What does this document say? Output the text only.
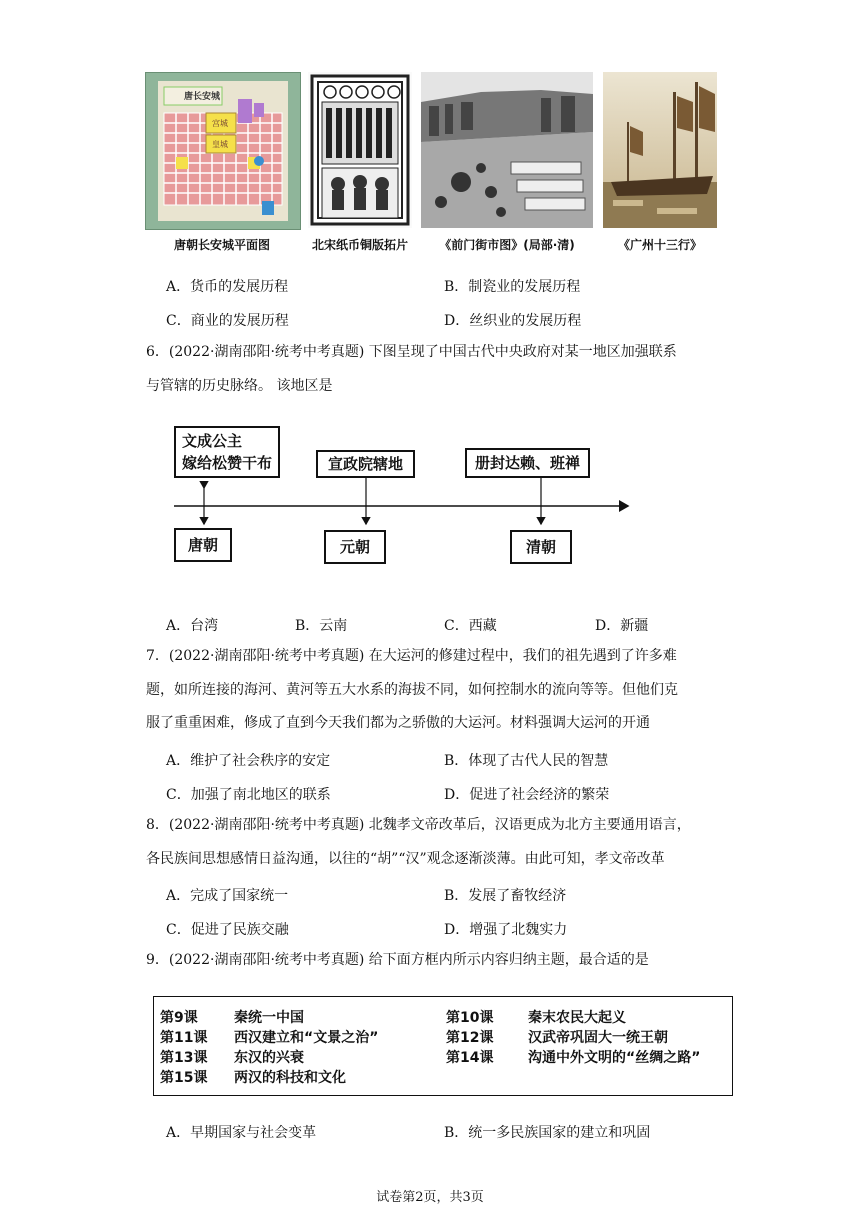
唐长安城
宫城
皇城
唐朝长安城平面图	北宋纸币铜版拓片	《前门街市图》(局部·清)	《广州十三行》
A．货币的发展历程	B．制瓷业的发展历程
C．商业的发展历程	D．丝织业的发展历程
6．(2022·湖南邵阳·统考中考真题) 下图呈现了中国古代中央政府对某一地区加强联系
与管辖的历史脉络。 该地区是
文成公主
嫁给松赞干布	宣政院辖地	册封达赖、班禅
唐朝	元朝	清朝
A．台湾	B．云南	C．西藏	D．新疆
7．(2022·湖南邵阳·统考中考真题) 在大运河的修建过程中，我们的祖先遇到了许多难
题，如所连接的海河、黄河等五大水系的海拔不同，如何控制水的流向等等。但他们克
服了重重困难，修成了直到今天我们都为之骄傲的大运河。材料强调大运河的开通
A．维护了社会秩序的安定	B．体现了古代人民的智慧
C．加强了南北地区的联系	D．促进了社会经济的繁荣
8．(2022·湖南邵阳·统考中考真题) 北魏孝文帝改革后，汉语更成为北方主要通用语言，
各民族间思想感情日益沟通，以往的“胡”“汉”观念逐渐淡薄。由此可知，孝文帝改革
A．完成了国家统一	B．发展了畜牧经济
C．促进了民族交融	D．增强了北魏实力
9．(2022·湖南邵阳·统考中考真题) 给下面方框内所示内容归纳主题，最合适的是
第9课	秦统一中国	第10课 秦末农民大起义
第11课 西汉建立和“文景之治”	第12课 汉武帝巩固大一统王朝
第13课 东汉的兴衰	第14课 沟通中外文明的“丝绸之路”
第15课 两汉的科技和文化
A．早期国家与社会变革	B．统一多民族国家的建立和巩固
试卷第2页，共3页
